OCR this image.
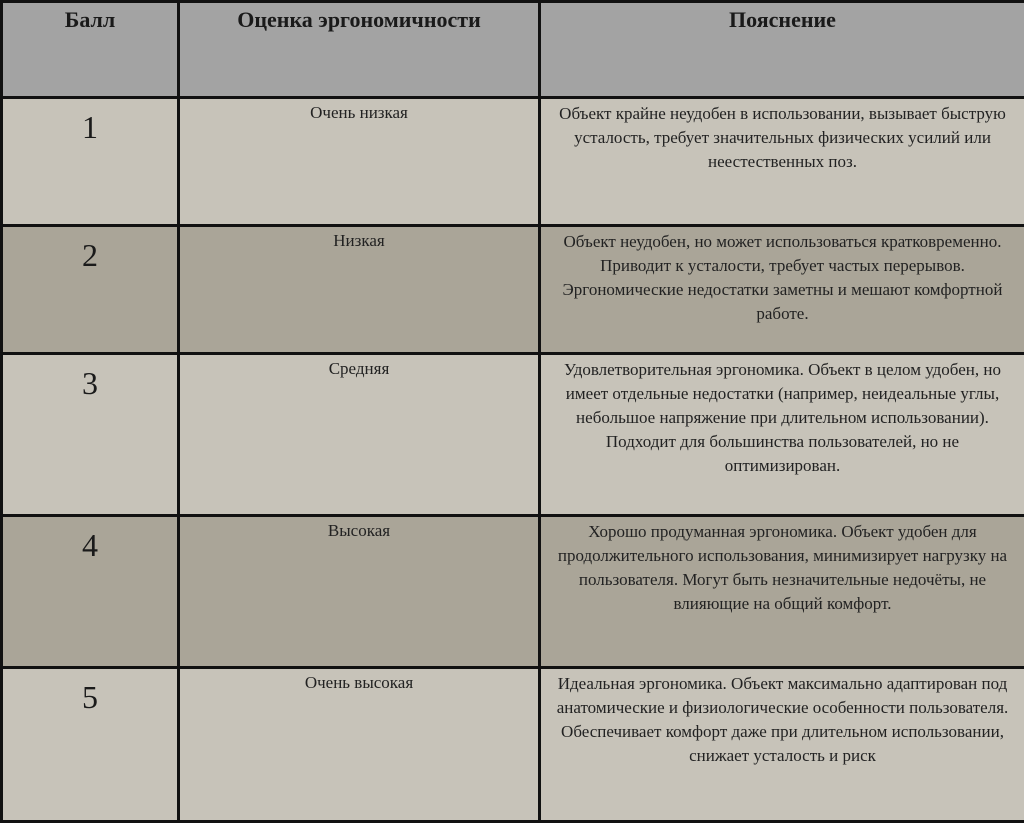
Балл	Оценка эргономичности	Пояснение
1	Очень низкая	Объект крайне неудобен в использовании, вызывает быструю усталость, требует значительных физических усилий или неестественных поз.
2	Низкая	Объект неудобен, но может использоваться кратковременно. Приводит к усталости, требует частых перерывов. Эргономические недостатки заметны и мешают комфортной работе.
3	Средняя	Удовлетворительная эргономика. Объект в целом удобен, но имеет отдельные недостатки (например, неидеальные углы, небольшое напряжение при длительном использовании). Подходит для большинства пользователей, но не оптимизирован.
4	Высокая	Хорошо продуманная эргономика. Объект удобен для продолжительного использования, минимизирует нагрузку на пользователя. Могут быть незначительные недочёты, не влияющие на общий комфорт.
5	Очень высокая	Идеальная эргономика. Объект максимально адаптирован под анатомические и физиологические особенности пользователя. Обеспечивает комфорт даже при длительном использовании, снижает усталость и риск
